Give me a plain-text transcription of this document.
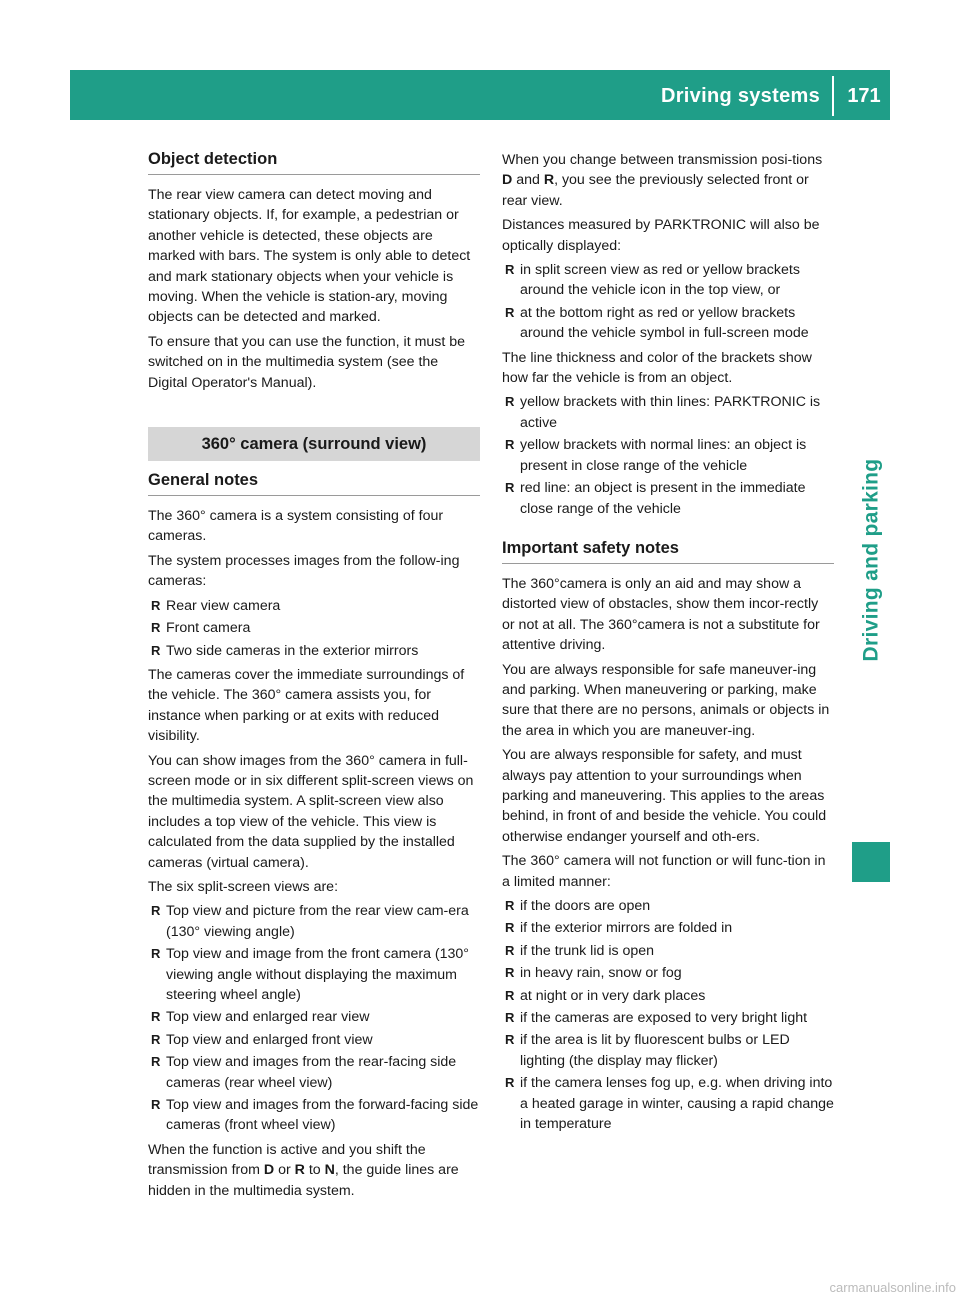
Driving systems	171
Driving and parking
Object detection

The rear view camera can detect moving and stationary objects. If, for example, a pedestrian or another vehicle is detected, these objects are marked with bars. The system is only able to detect and mark stationary objects when your vehicle is moving. When the vehicle is station-ary, moving objects can be detected and marked.

To ensure that you can use the function, it must be switched on in the multimedia system (see the Digital Operator's Manual).

360° camera (surround view)
General notes

The 360° camera is a system consisting of four cameras.

The system processes images from the follow-ing cameras:

R Rear view camera
R Front camera
R Two side cameras in the exterior mirrors

The cameras cover the immediate surroundings of the vehicle. The 360° camera assists you, for instance when parking or at exits with reduced visibility.

You can show images from the 360° camera in full-screen mode or in six different split-screen views on the multimedia system. A split-screen view also includes a top view of the vehicle. This view is calculated from the data supplied by the installed cameras (virtual camera).

The six split-screen views are:

R Top view and picture from the rear view cam-era (130° viewing angle)
R Top view and image from the front camera (130° viewing angle without displaying the maximum steering wheel angle)
R Top view and enlarged rear view
R Top view and enlarged front view
R Top view and images from the rear-facing side cameras (rear wheel view)
R Top view and images from the forward-facing side cameras (front wheel view)

When the function is active and you shift the transmission from D or R to N, the guide lines are hidden in the multimedia system.

When you change between transmission posi-tions D and R, you see the previously selected front or rear view.

Distances measured by PARKTRONIC will also be optically displayed:

R in split screen view as red or yellow brackets around the vehicle icon in the top view, or
R at the bottom right as red or yellow brackets around the vehicle symbol in full-screen mode

The line thickness and color of the brackets show how far the vehicle is from an object.

R yellow brackets with thin lines: PARKTRONIC is active
R yellow brackets with normal lines: an object is present in close range of the vehicle
R red line: an object is present in the immediate close range of the vehicle
Important safety notes

The 360°camera is only an aid and may show a distorted view of obstacles, show them incor-rectly or not at all. The 360°camera is not a substitute for attentive driving.

You are always responsible for safe maneuver-ing and parking. When maneuvering or parking, make sure that there are no persons, animals or objects in the area in which you are maneuver-ing.

You are always responsible for safety, and must always pay attention to your surroundings when parking and maneuvering. This applies to the areas behind, in front of and beside the vehicle. You could otherwise endanger yourself and oth-ers.

The 360° camera will not function or will func-tion in a limited manner:

R if the doors are open
R if the exterior mirrors are folded in
R if the trunk lid is open
R in heavy rain, snow or fog
R at night or in very dark places
R if the cameras are exposed to very bright light
R if the area is lit by fluorescent bulbs or LED lighting (the display may flicker)
R if the camera lenses fog up, e.g. when driving into a heated garage in winter, causing a rapid change in temperature
carmanualsonline.info
